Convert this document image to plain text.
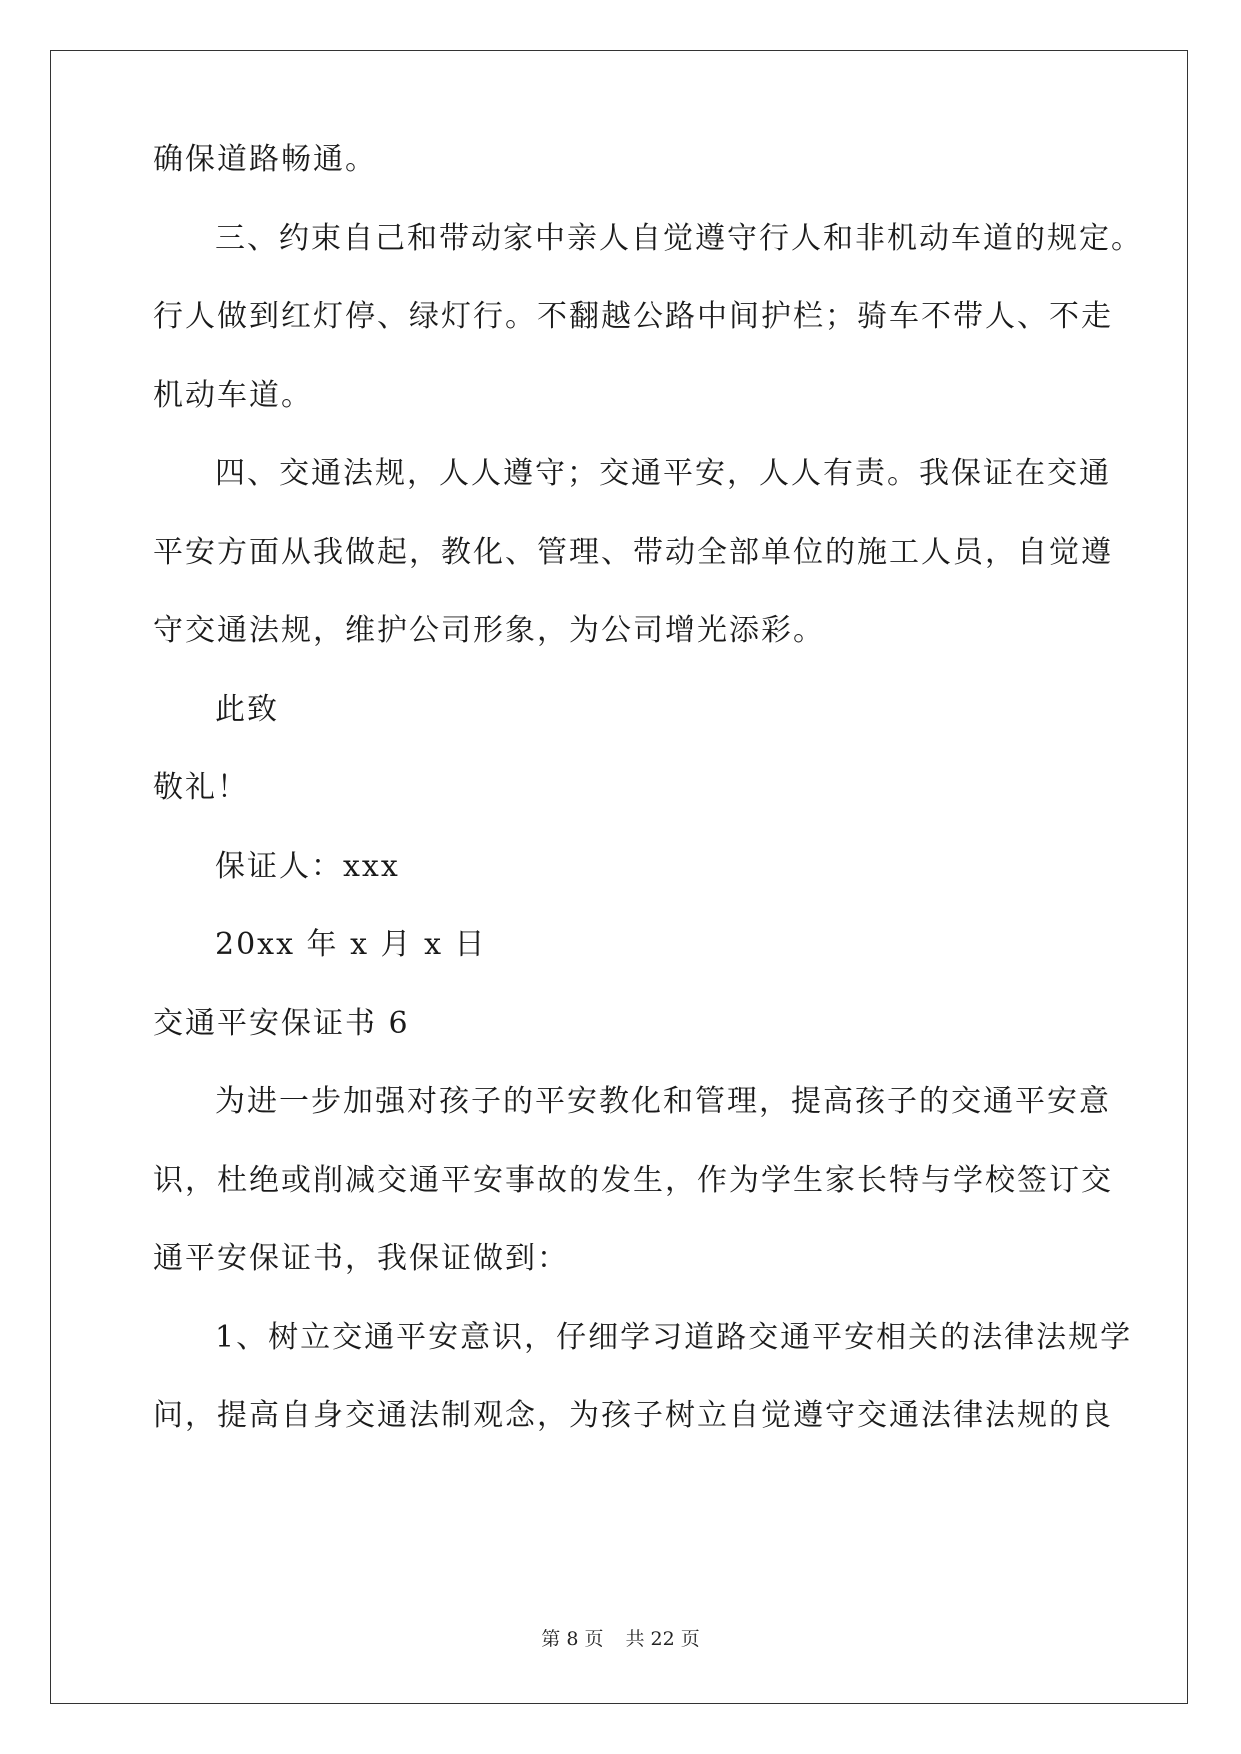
确保道路畅通。
三、约束自己和带动家中亲人自觉遵守行人和非机动车道的规定。
行人做到红灯停、绿灯行。不翻越公路中间护栏；骑车不带人、不走
机动车道。
四、交通法规，人人遵守；交通平安，人人有责。我保证在交通
平安方面从我做起，教化、管理、带动全部单位的施工人员，自觉遵
守交通法规，维护公司形象，为公司增光添彩。
此致
敬礼！
保证人：xxx
20xx 年 x 月 x 日
交通平安保证书 6
为进一步加强对孩子的平安教化和管理，提高孩子的交通平安意
识，杜绝或削减交通平安事故的发生，作为学生家长特与学校签订交
通平安保证书，我保证做到：
1、树立交通平安意识，仔细学习道路交通平安相关的法律法规学
问，提高自身交通法制观念，为孩子树立自觉遵守交通法律法规的良
第 8 页 共 22 页
